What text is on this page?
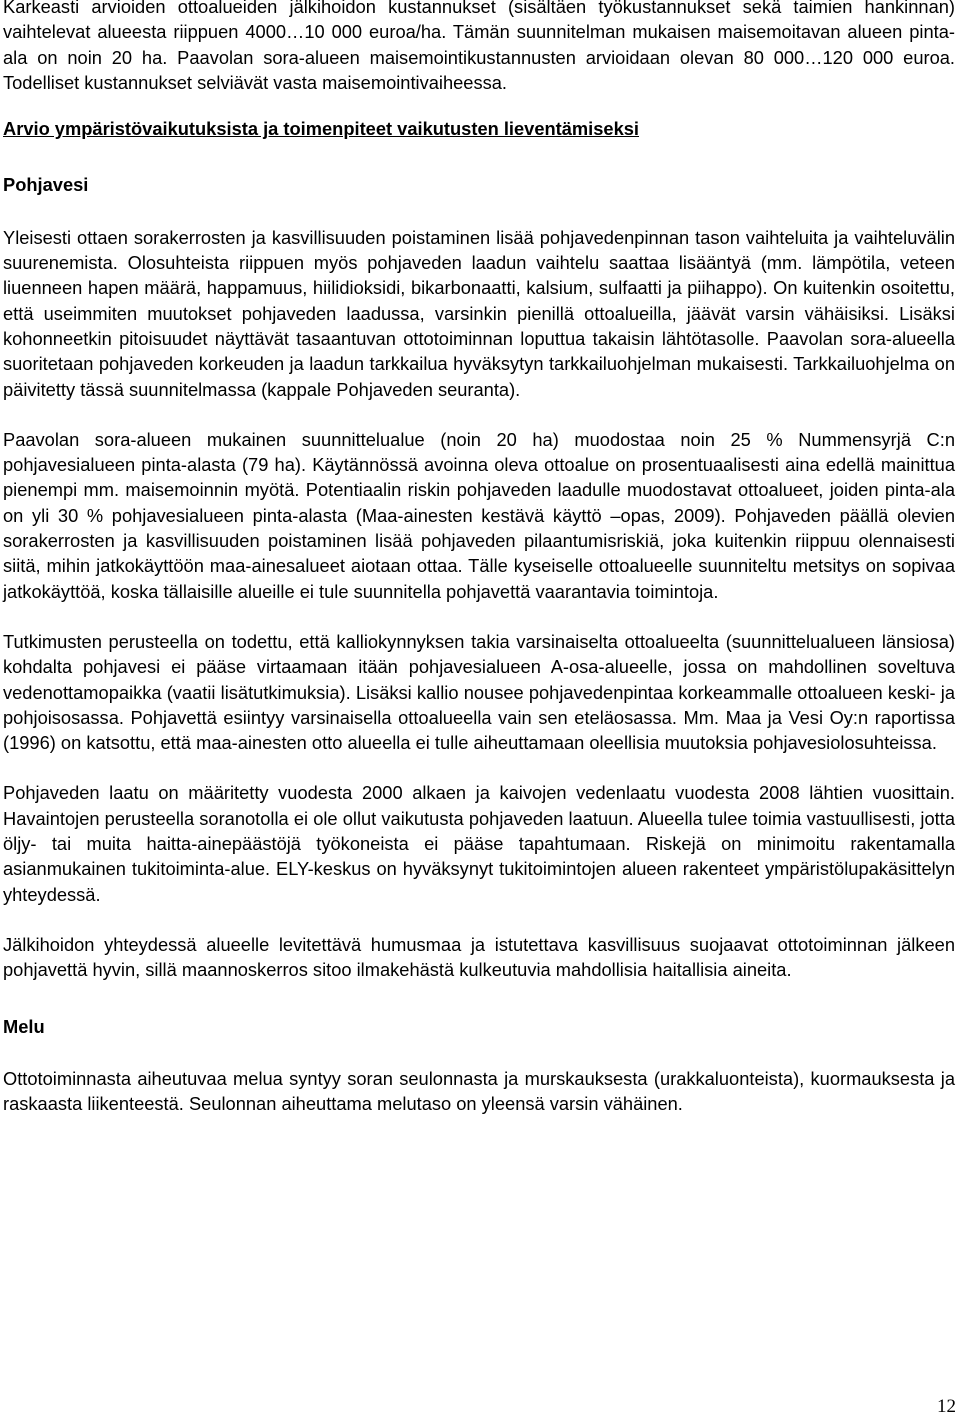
Karkeasti arvioiden ottoalueiden jälkihoidon kustannukset (sisältäen työkustannukset sekä taimien hankinnan) vaihtelevat alueesta riippuen 4000…10 000 euroa/ha. Tämän suunnitelman mukaisen maisemoitavan alueen pinta-ala on noin 20 ha. Paavolan sora-alueen maisemointikustannusten arvioidaan olevan 80 000…120 000 euroa. Todelliset kustannukset selviävät vasta maisemointivaiheessa.

Arvio ympäristövaikutuksista ja toimenpiteet vaikutusten lieventämiseksi
Pohjavesi

Yleisesti ottaen sorakerrosten ja kasvillisuuden poistaminen lisää pohjavedenpinnan tason vaihteluita ja vaihteluvälin suurenemista. Olosuhteista riippuen myös pohjaveden laadun vaihtelu saattaa lisääntyä (mm. lämpötila, veteen liuenneen hapen määrä, happamuus, hiilidioksidi, bikarbonaatti, kalsium, sulfaatti ja piihappo). On kuitenkin osoitettu, että useimmiten muutokset pohjaveden laadussa, varsinkin pienillä ottoalueilla, jäävät varsin vähäisiksi. Lisäksi kohonneetkin pitoisuudet näyttävät tasaantuvan ottotoiminnan loputtua takaisin lähtötasolle. Paavolan sora-alueella suoritetaan pohjaveden korkeuden ja laadun tarkkailua hyväksytyn tarkkailuohjelman mukaisesti. Tarkkailuohjelma on päivitetty tässä suunnitelmassa (kappale Pohjaveden seuranta).

Paavolan sora-alueen mukainen suunnittelualue (noin 20 ha) muodostaa noin 25 % Nummensyrjä C:n pohjavesialueen pinta-alasta (79 ha). Käytännössä avoinna oleva ottoalue on prosentuaalisesti aina edellä mainittua pienempi mm. maisemoinnin myötä. Potentiaalin riskin pohjaveden laadulle muodostavat ottoalueet, joiden pinta-ala on yli 30 % pohjavesialueen pinta-alasta (Maa-ainesten kestävä käyttö –opas, 2009). Pohjaveden päällä olevien sorakerrosten ja kasvillisuuden poistaminen lisää pohjaveden pilaantumisriskiä, joka kuitenkin riippuu olennaisesti siitä, mihin jatkokäyttöön maa-ainesalueet aiotaan ottaa. Tälle kyseiselle ottoalueelle suunniteltu metsitys on sopivaa jatkokäyttöä, koska tällaisille alueille ei tule suunnitella pohjavettä vaarantavia toimintoja.

Tutkimusten perusteella on todettu, että kalliokynnyksen takia varsinaiselta ottoalueelta (suunnittelualueen länsiosa) kohdalta pohjavesi ei pääse virtaamaan itään pohjavesialueen A-osa-alueelle, jossa on mahdollinen soveltuva vedenottamopaikka (vaatii lisätutkimuksia). Lisäksi kallio nousee pohjavedenpintaa korkeammalle ottoalueen keski- ja pohjoisosassa. Pohjavettä esiintyy varsinaisella ottoalueella vain sen eteläosassa. Mm. Maa ja Vesi Oy:n raportissa (1996) on katsottu, että maa-ainesten otto alueella ei tulle aiheuttamaan oleellisia muutoksia pohjavesiolosuhteissa.

Pohjaveden laatu on määritetty vuodesta 2000 alkaen ja kaivojen vedenlaatu vuodesta 2008 lähtien vuosittain. Havaintojen perusteella soranotolla ei ole ollut vaikutusta pohjaveden laatuun. Alueella tulee toimia vastuullisesti, jotta öljy- tai muita haitta-ainepäästöjä työkoneista ei pääse tapahtumaan. Riskejä on minimoitu rakentamalla asianmukainen tukitoimintа-alue. ELY-keskus on hyväksynyt tukitoimintojen alueen rakenteet ympäristölupakäsittelyn yhteydessä.

Jälkihoidon yhteydessä alueelle levitettävä humusmaa ja istutettava kasvillisuus suojaavat ottotoiminnan jälkeen pohjavettä hyvin, sillä maannoskerros sitoo ilmakehästä kulkeutuvia mahdollisia haitallisia aineita.

Melu

Ottotoiminnasta aiheutuvaa melua syntyy soran seulonnasta ja murskauksesta (urakkaluonteista), kuormauksesta ja raskaasta liikenteestä. Seulonnan aiheuttama melutaso on yleensä varsin vähäinen.

12
